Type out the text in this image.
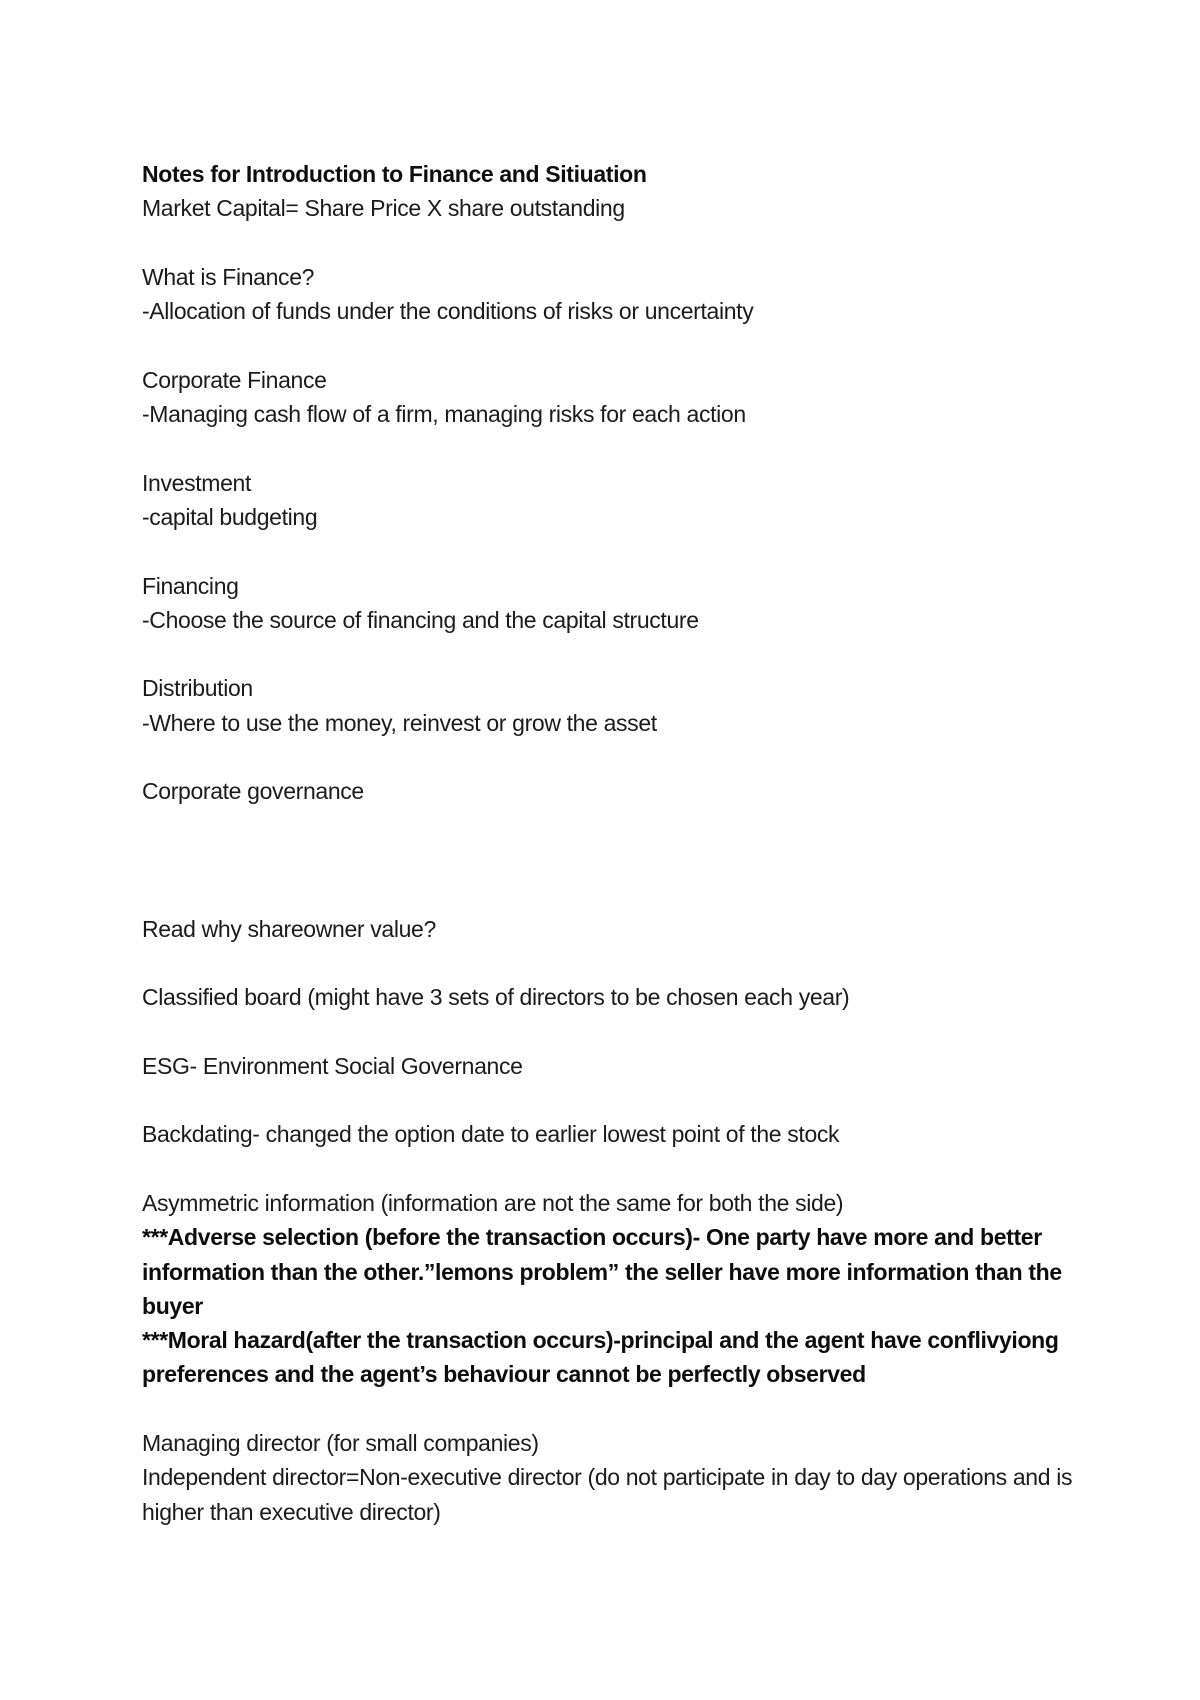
Notes for Introduction to Finance and Sitiuation

Market Capital= Share Price X share outstanding

What is Finance?

-Allocation of funds under the conditions of risks or uncertainty

Corporate Finance

-Managing cash flow of a firm, managing risks for each action

Investment

-capital budgeting

Financing

-Choose the source of financing and the capital structure

Distribution

-Where to use the money, reinvest or grow the asset

Corporate governance

Read why shareowner value?

Classified board (might have 3 sets of directors to be chosen each year)

ESG- Environment Social Governance

Backdating- changed the option date to earlier lowest point of the stock

Asymmetric information (information are not the same for both the side)

***Adverse selection (before the transaction occurs)- One party have more and better information than the other.”lemons problem” the seller have more information than the buyer

***Moral hazard(after the transaction occurs)-principal and the agent have conflivyiong preferences and the agent’s behaviour cannot be perfectly observed

Managing director (for small companies)

Independent director=Non-executive director (do not participate in day to day operations and is higher than executive director)
